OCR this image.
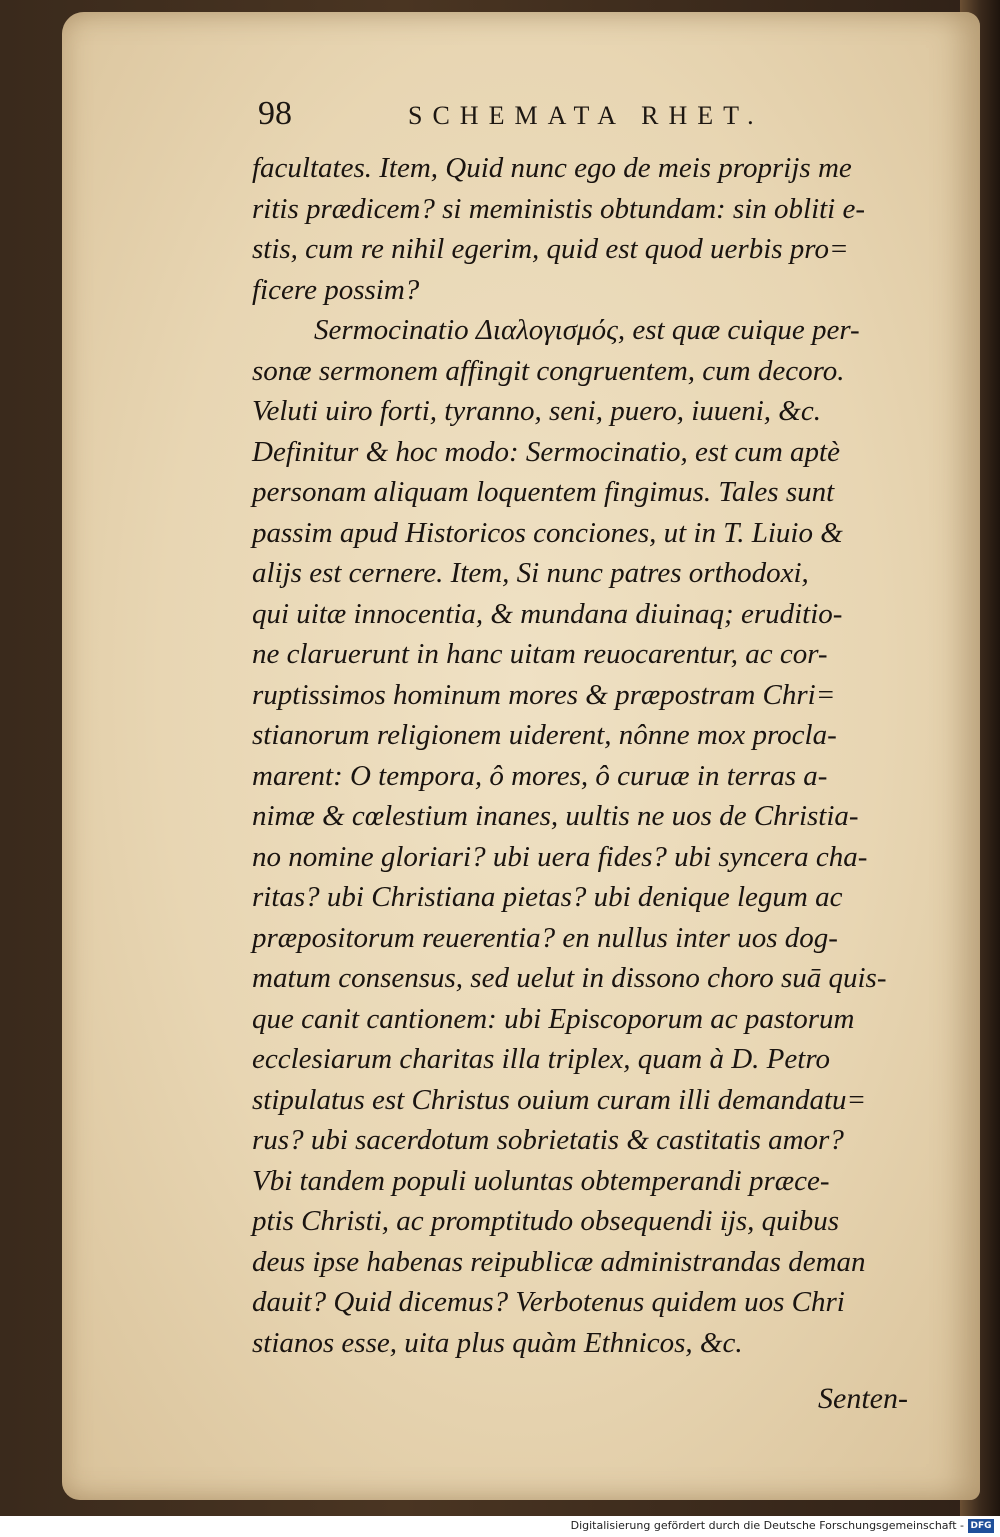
98	SCHEMATA RHET.
facultates. Item, Quid nunc ego de meis proprijs me
ritis prædicem? si meministis obtundam: sin obliti e-
stis, cum re nihil egerim, quid est quod uerbis pro=
ficere possim?
Sermocinatio Διαλογισμός, est quæ cuique per-
sonæ sermonem affingit congruentem, cum decoro.
Veluti uiro forti, tyranno, seni, puero, iuueni, &c.
Definitur & hoc modo: Sermocinatio, est cum aptè
personam aliquam loquentem fingimus. Tales sunt
passim apud Historicos conciones, ut in T. Liuio &
alijs est cernere. Item, Si nunc patres orthodoxi,
qui uitæ innocentia, & mundana diuinaq; eruditio-
ne claruerunt in hanc uitam reuocarentur, ac cor-
ruptissimos hominum mores & præpostram Chri=
stianorum religionem uiderent, nônne mox procla-
marent: O tempora, ô mores, ô curuæ in terras a-
nimæ & cœlestium inanes, uultis ne uos de Christia-
no nomine gloriari? ubi uera fides? ubi syncera cha-
ritas? ubi Christiana pietas? ubi denique legum ac
præpositorum reuerentia? en nullus inter uos dog-
matum consensus, sed uelut in dissono choro suā quis-
que canit cantionem: ubi Episcoporum ac pastorum
ecclesiarum charitas illa triplex, quam à D. Petro
stipulatus est Christus ouium curam illi demandatu=
rus? ubi sacerdotum sobrietatis & castitatis amor?
Vbi tandem populi uoluntas obtemperandi præce-
ptis Christi, ac promptitudo obsequendi ijs, quibus
deus ipse habenas reipublicæ administrandas deman
dauit? Quid dicemus? Verbotenus quidem uos Chri
stianos esse, uita plus quàm Ethnicos, &c.
Senten-
Digitalisierung gefördert durch die Deutsche Forschungsgemeinschaft - DFG
